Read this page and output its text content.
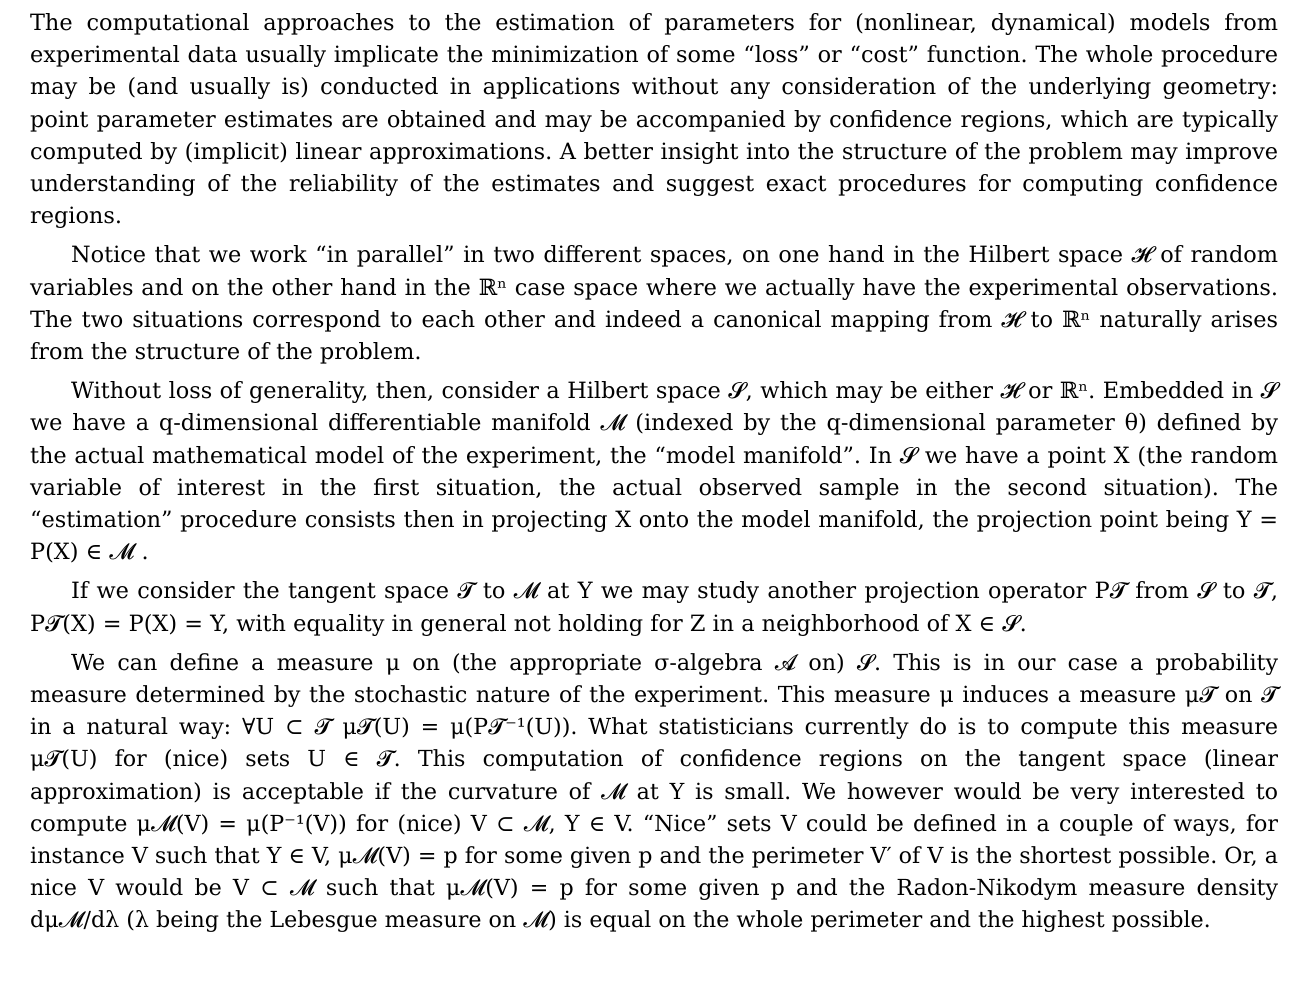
The computational approaches to the estimation of parameters for (nonlinear, dynamical) models from experimental data usually implicate the minimization of some “loss” or “cost” function. The whole procedure may be (and usually is) conducted in applications without any consideration of the underlying geometry: point parameter estimates are obtained and may be accompanied by confidence regions, which are typically computed by (implicit) linear approximations. A better insight into the structure of the problem may improve understanding of the reliability of the estimates and suggest exact procedures for computing confidence regions.

Notice that we work “in parallel” in two different spaces, on one hand in the Hilbert space 𝓗 of random variables and on the other hand in the ℝⁿ case space where we actually have the experimental observations. The two situations correspond to each other and indeed a canonical mapping from 𝓗 to ℝⁿ naturally arises from the structure of the problem.

Without loss of generality, then, consider a Hilbert space 𝓢, which may be either 𝓗 or ℝⁿ. Embedded in 𝓢 we have a q-dimensional differentiable manifold 𝓜 (indexed by the q-dimensional parameter θ) defined by the actual mathematical model of the experiment, the “model manifold”. In 𝓢 we have a point X (the random variable of interest in the first situation, the actual observed sample in the second situation). The “estimation” procedure consists then in projecting X onto the model manifold, the projection point being Y = P(X) ∈ 𝓜 .

If we consider the tangent space 𝓣 to 𝓜 at Y we may study another projection operator P𝓣 from 𝓢 to 𝓣, P𝓣(X) = P(X) = Y, with equality in general not holding for Z in a neighborhood of X ∈ 𝓢.

We can define a measure μ on (the appropriate σ-algebra 𝓐 on) 𝓢. This is in our case a probability measure determined by the stochastic nature of the experiment. This measure μ induces a measure μ𝓣 on 𝓣 in a natural way: ∀U ⊂ 𝓣 μ𝓣(U) = μ(P𝓣⁻¹(U)). What statisticians currently do is to compute this measure μ𝓣(U) for (nice) sets U ∈ 𝓣. This computation of confidence regions on the tangent space (linear approximation) is acceptable if the curvature of 𝓜 at Y is small. We however would be very interested to compute μ𝓜(V) = μ(P⁻¹(V)) for (nice) V ⊂ 𝓜, Y ∈ V. “Nice” sets V could be defined in a couple of ways, for instance V such that Y ∈ V, μ𝓜(V) = p for some given p and the perimeter V′ of V is the shortest possible. Or, a nice V would be V ⊂ 𝓜 such that μ𝓜(V) = p for some given p and the Radon-Nikodym measure density dμ𝓜/dλ (λ being the Lebesgue measure on 𝓜) is equal on the whole perimeter and the highest possible.
